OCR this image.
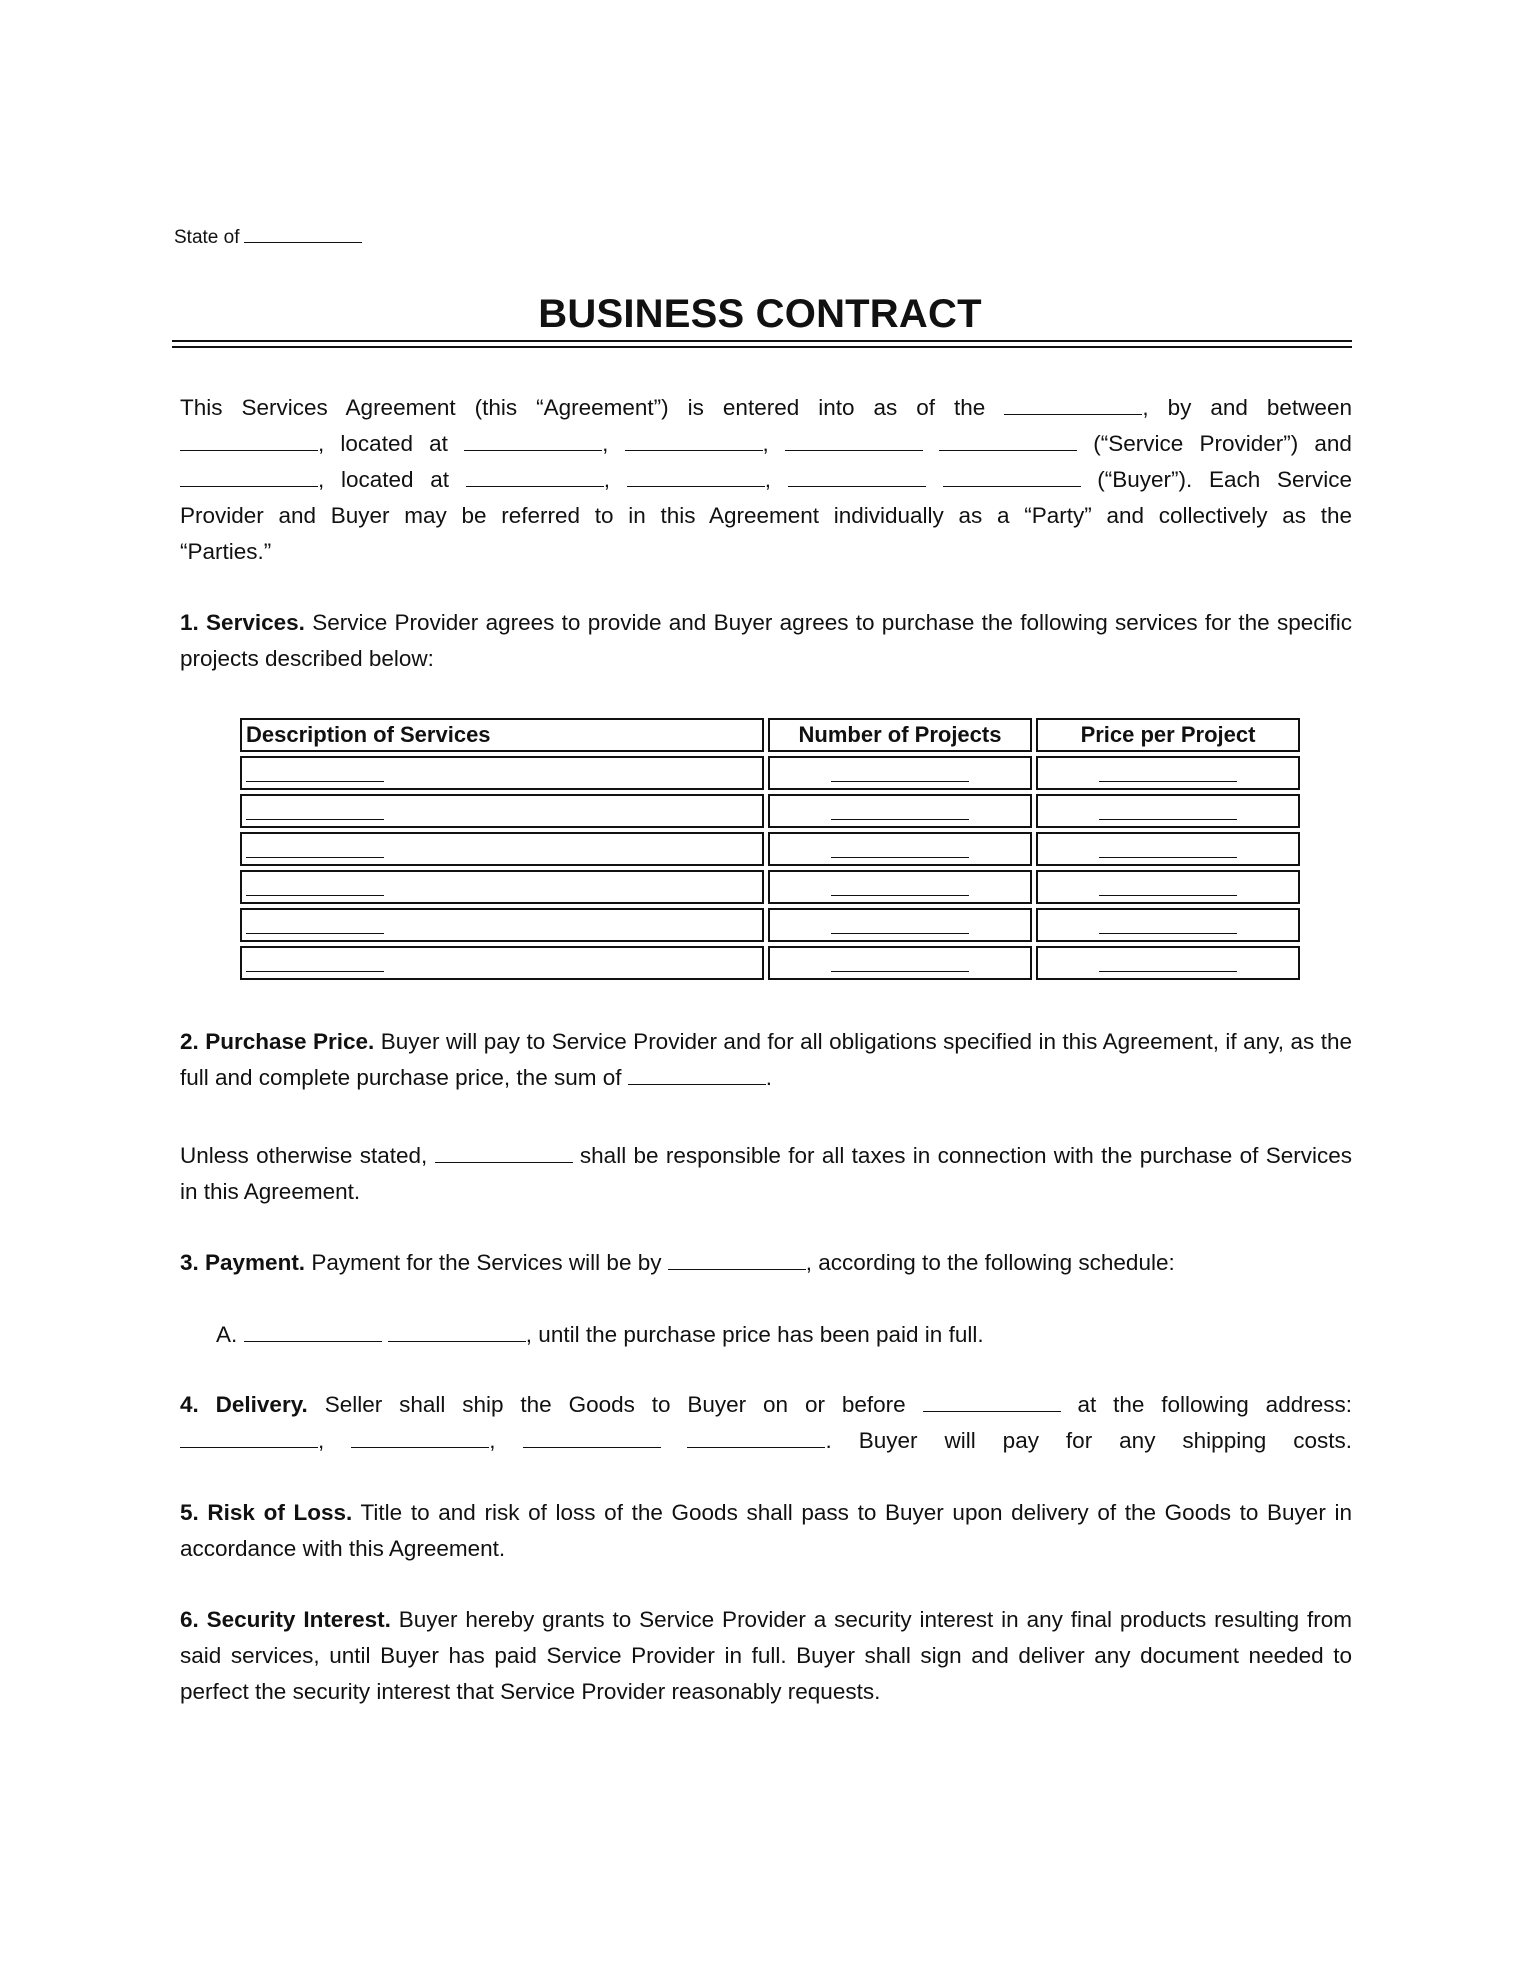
State of
BUSINESS CONTRACT
This Services Agreement (this “Agreement”) is entered into as of the	, by and between
, located at	,	,	(“Service Provider”) and
, located at	,	,	(“Buyer”). Each Service
Provider and Buyer may be referred to in this Agreement individually as a “Party” and collectively as the
“Parties.”
1. Services. Service Provider agrees to provide and Buyer agrees to purchase the following services for the specific projects described below:
Description of Services	Number of Projects	Price per Project

2. Purchase Price. Buyer will pay to Service Provider and for all obligations specified in this Agreement, if any, as the full and complete purchase price, the sum of	.
Unless otherwise stated,	shall be responsible for all taxes in connection with the purchase of Services in this Agreement.
3. Payment. Payment for the Services will be by	, according to the following schedule:
A.	, until the purchase price has been paid in full.
4. Delivery. Seller shall ship the Goods to Buyer on or before	at the following address:
,	,	. Buyer will pay for any shipping costs.
5. Risk of Loss. Title to and risk of loss of the Goods shall pass to Buyer upon delivery of the Goods to Buyer in accordance with this Agreement.
6. Security Interest. Buyer hereby grants to Service Provider a security interest in any final products resulting from said services, until Buyer has paid Service Provider in full. Buyer shall sign and deliver any document needed to perfect the security interest that Service Provider reasonably requests.
